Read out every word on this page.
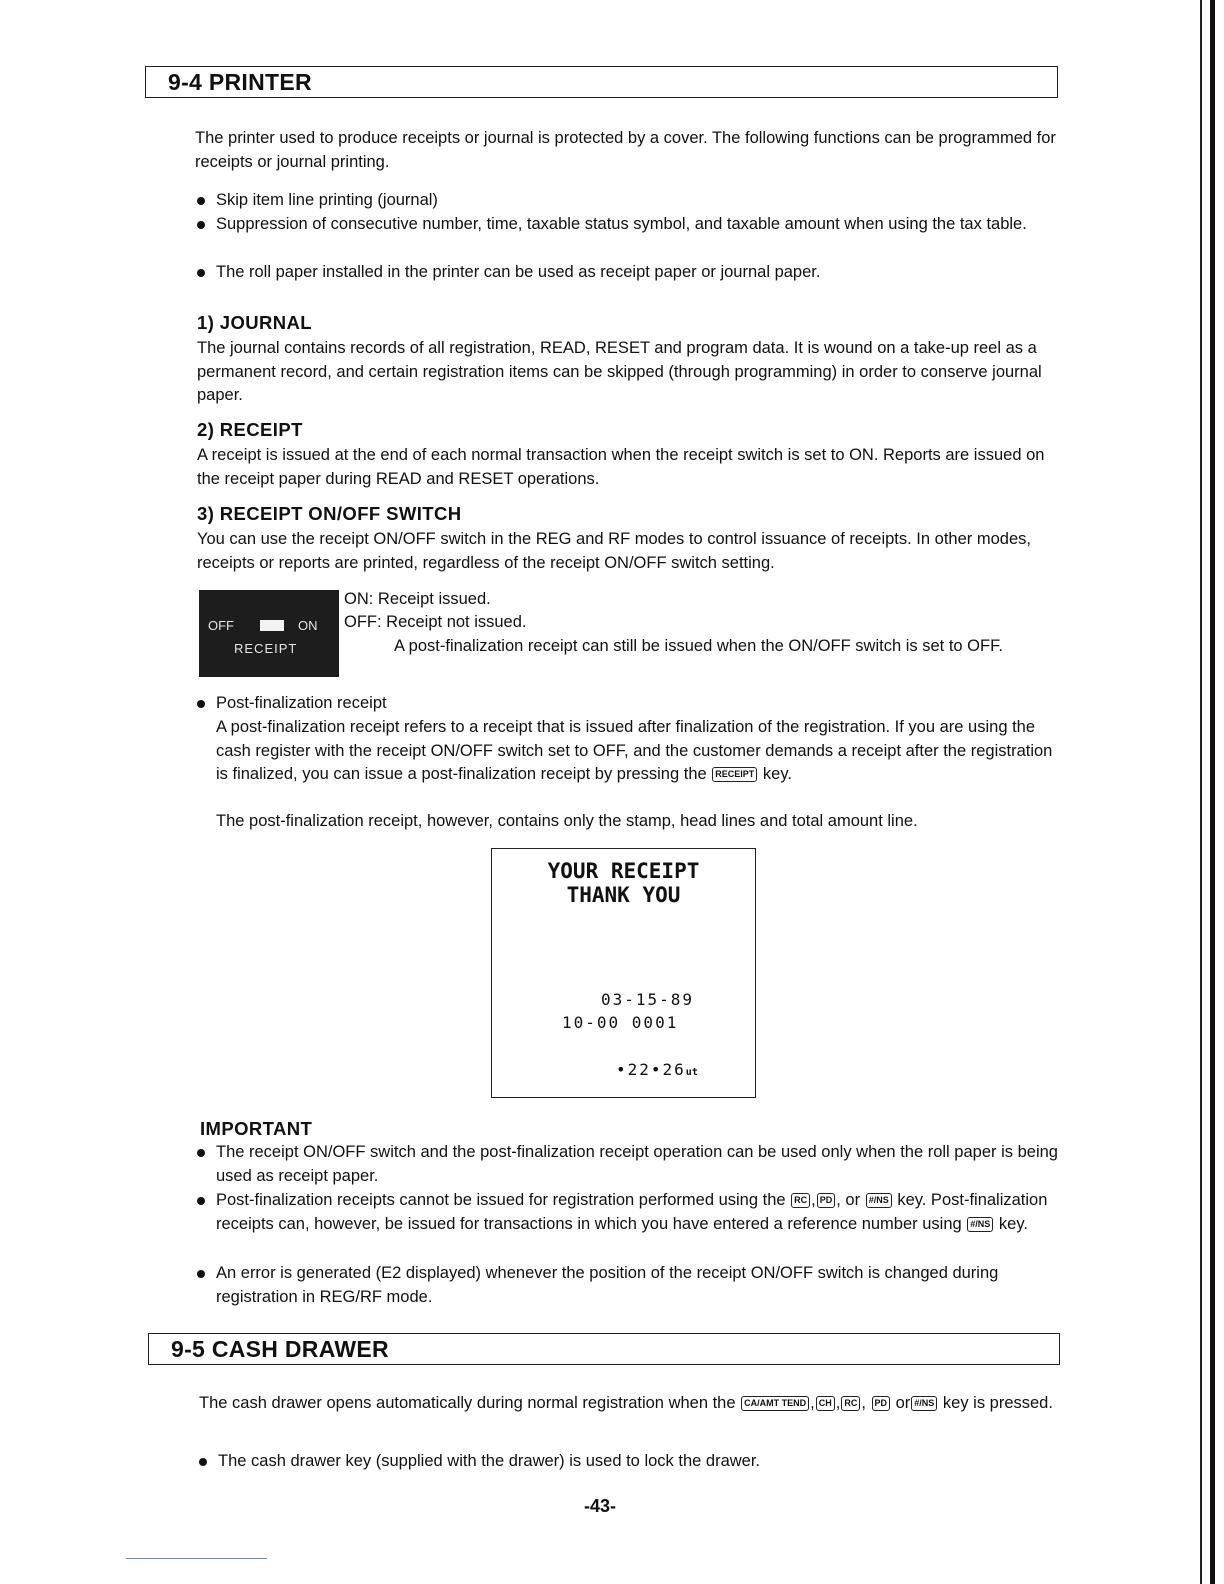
9-4 PRINTER

The printer used to produce receipts or journal is protected by a cover. The following functions can be programmed for receipts or journal printing.

Skip item line printing (journal)

Suppression of consecutive number, time, taxable status symbol, and taxable amount when using the tax table.

The roll paper installed in the printer can be used as receipt paper or journal paper.

1) JOURNAL

The journal contains records of all registration, READ, RESET and program data. It is wound on a take-up reel as a permanent record, and certain registration items can be skipped (through programming) in order to conserve journal paper.

2) RECEIPT

A receipt is issued at the end of each normal transaction when the receipt switch is set to ON. Reports are issued on the receipt paper during READ and RESET operations.

3) RECEIPT ON/OFF SWITCH

You can use the receipt ON/OFF switch in the REG and RF modes to control issuance of receipts. In other modes, receipts or reports are printed, regardless of the receipt ON/OFF switch setting.

OFF	ON
RECEIPT

ON: Receipt issued.

OFF: Receipt not issued.

A post-finalization receipt can still be issued when the ON/OFF switch is set to OFF.

Post-finalization receipt

A post-finalization receipt refers to a receipt that is issued after finalization of the registration. If you are using the cash register with the receipt ON/OFF switch set to OFF, and the customer demands a receipt after the registration is finalized, you can issue a post-finalization receipt by pressing the RECEIPT key.

The post-finalization receipt, however, contains only the stamp, head lines and total amount line.

YOUR RECEIPT
THANK YOU
03-15-89
10-00 0001
•22•26ut
IMPORTANT

The receipt ON/OFF switch and the post-finalization receipt operation can be used only when the roll paper is being used as receipt paper.

Post-finalization receipts cannot be issued for registration performed using the RC , PD , or #/NS key. Post-finalization receipts can, however, be issued for transactions in which you have entered a reference number using #/NS key.

An error is generated (E2 displayed) whenever the position of the receipt ON/OFF switch is changed during registration in REG/RF mode.

9-5 CASH DRAWER

The cash drawer opens automatically during normal registration when the CA/AMT TEND , CH , RC , PD or #/NS key is pressed.

The cash drawer key (supplied with the drawer) is used to lock the drawer.

-43-
